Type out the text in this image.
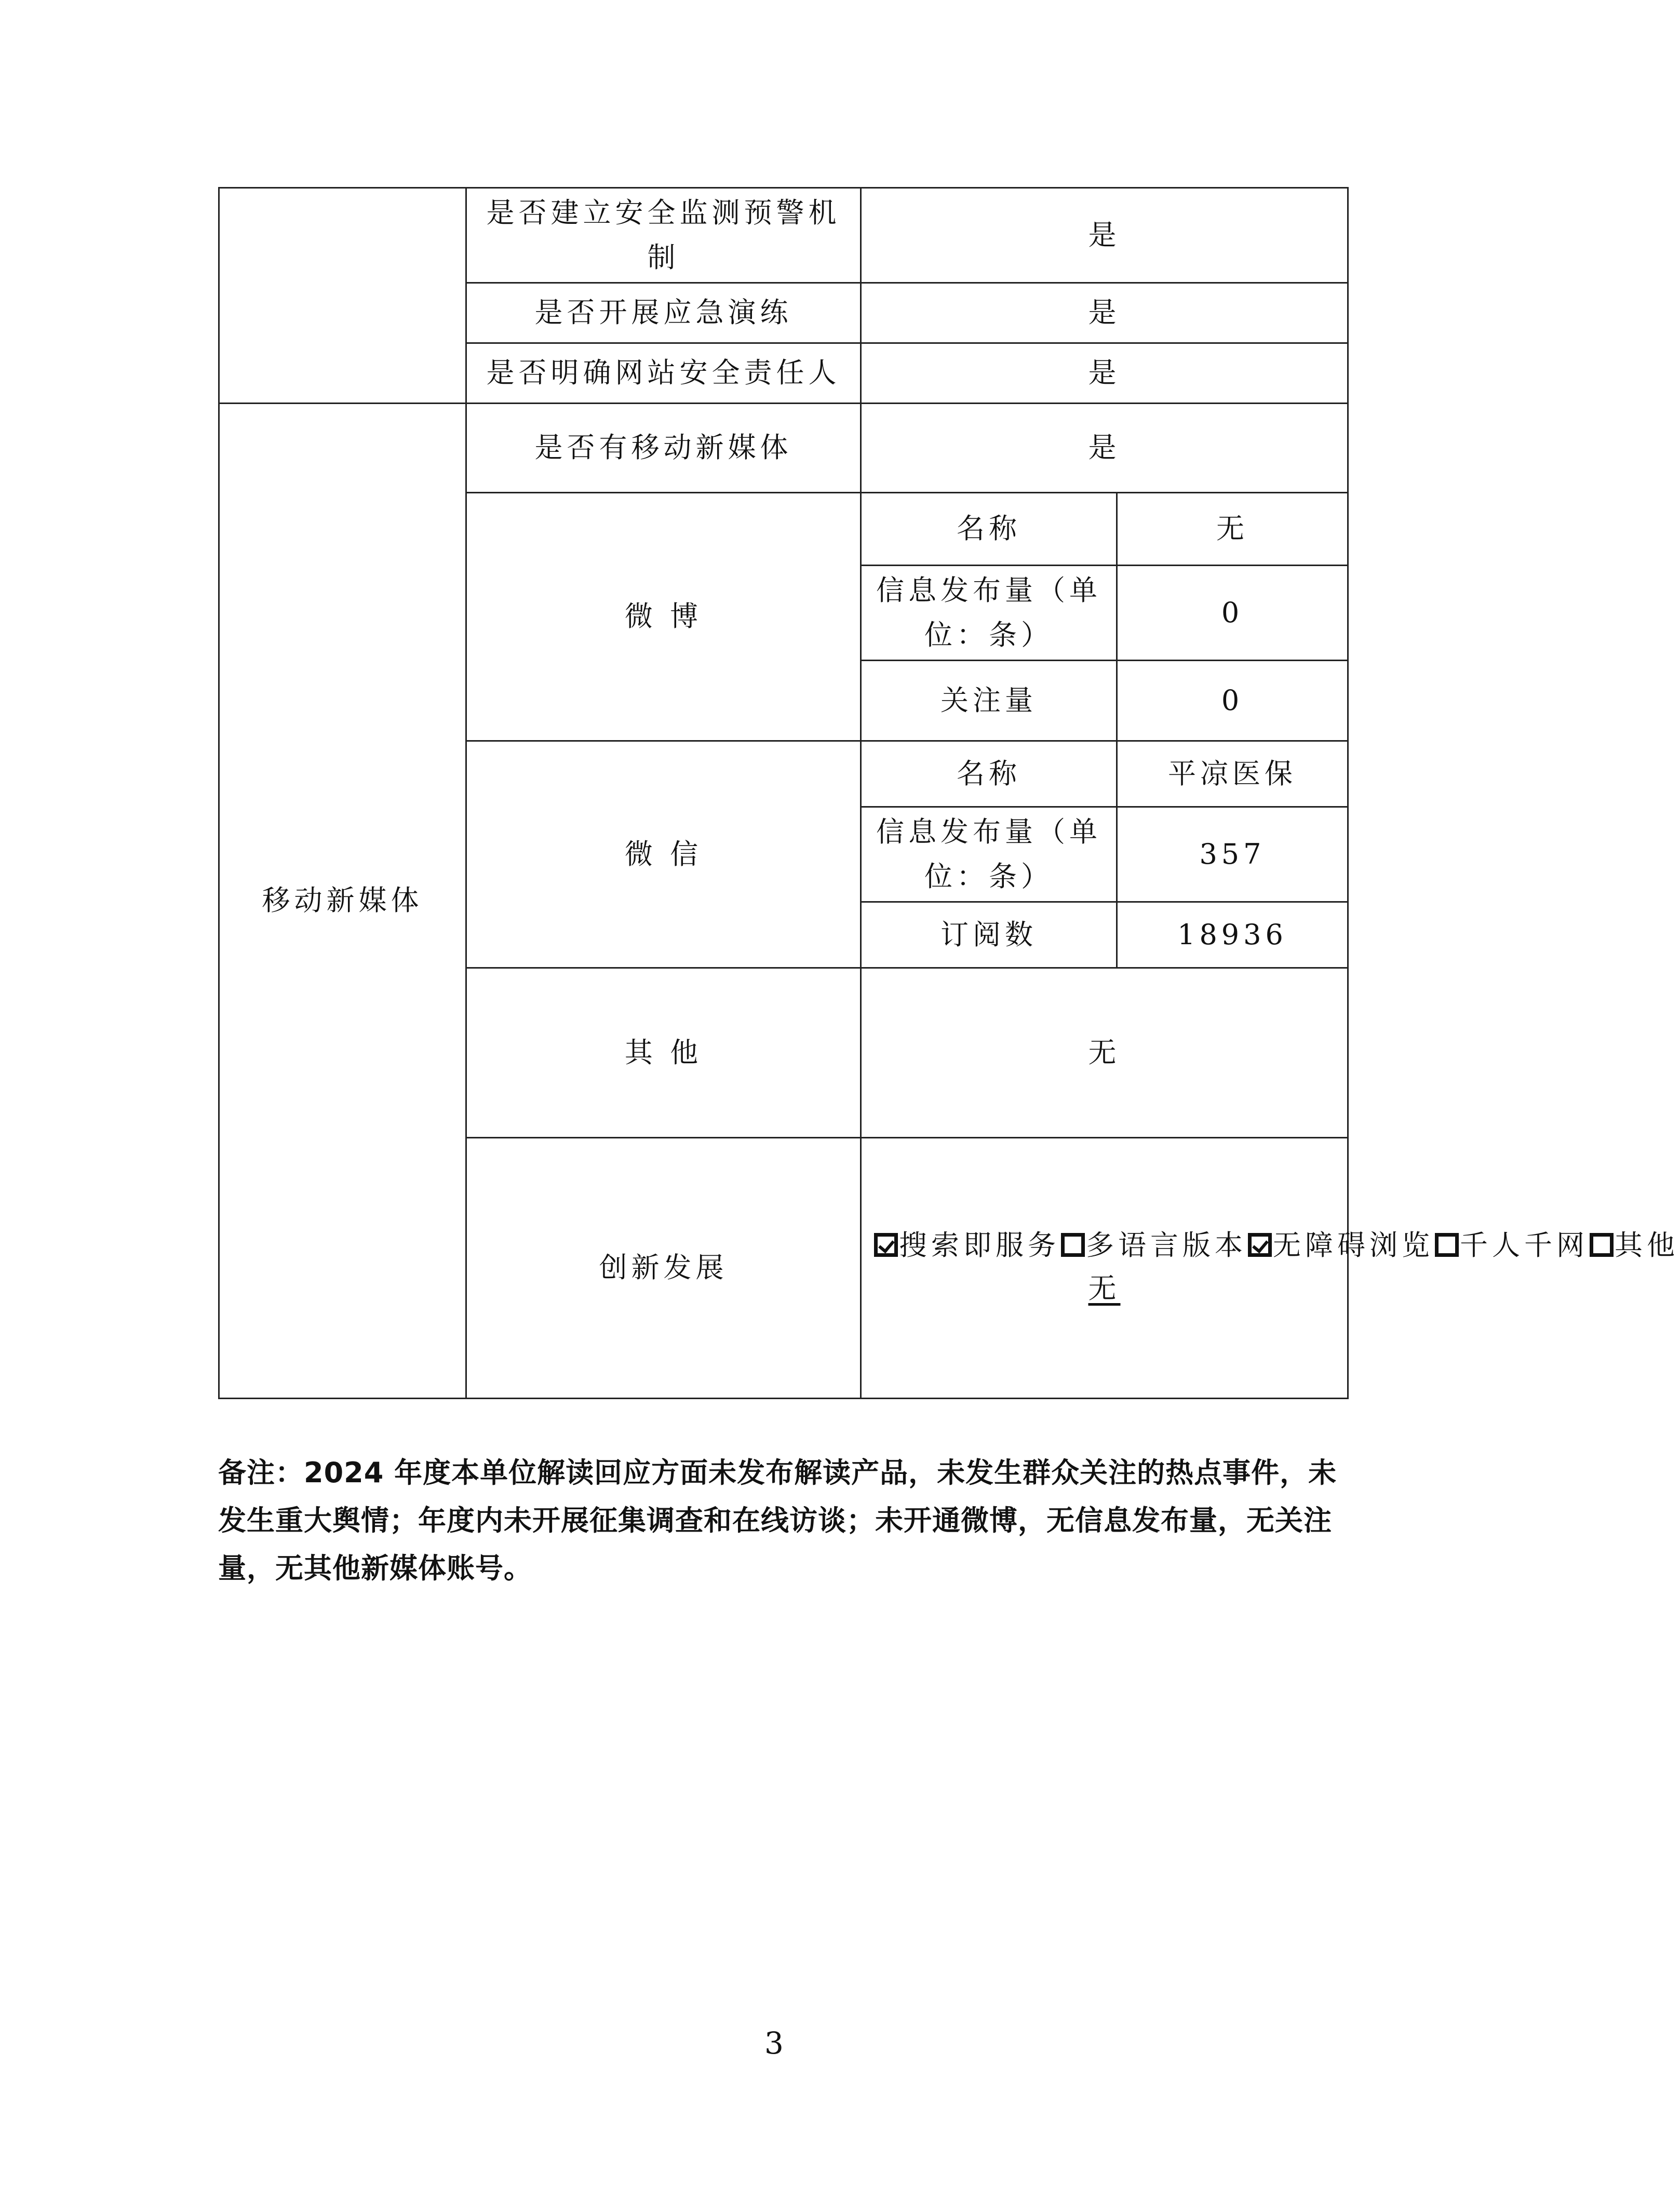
	是否建立安全监测预警机制	是	
	是否开展应急演练	是	
	是否明确网站安全责任人	是	
移动新媒体	是否有移动新媒体	是	
	微 博	名称	无
		信息发布量（单位：条）	0
		关注量	0
	微 信	名称	平凉医保
		信息发布量（单位：条）	357
		订阅数	18936
	其 他	无	
	创新发展	搜索即服务 多语言版本 无障碍浏览 千人千网 其他
无	
备注：2024 年度本单位解读回应方面未发布解读产品，未发生群众关注的热点事件，未发生重大舆情；年度内未开展征集调查和在线访谈；未开通微博，无信息发布量，无关注量，无其他新媒体账号。
3
